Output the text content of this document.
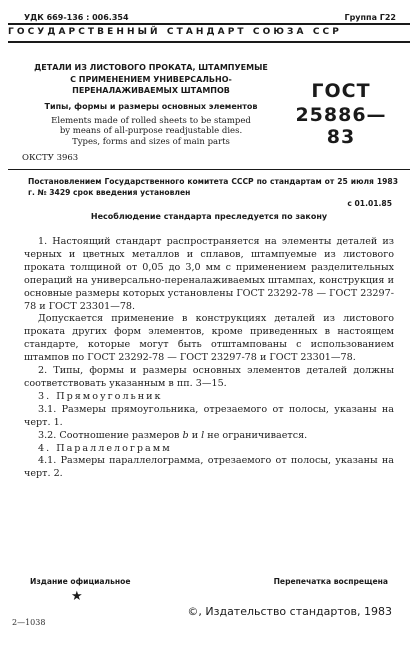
УДК 669-136 : 006.354	Группа Г22
ГОСУДАРСТВЕННЫЙ СТАНДАРТ СОЮЗА ССР
ДЕТАЛИ ИЗ ЛИСТОВОГО ПРОКАТА, ШТАМПУЕМЫЕ
С ПРИМЕНЕНИЕМ УНИВЕРСАЛЬНО-
ПЕРЕНАЛАЖИВАЕМЫХ ШТАМПОВ
Типы, формы и размеры основных элементов
Elements made of rolled sheets to be stamped
by means of all-purpose readjustable dies.
Types, forms and sizes of main parts
ГОСТ
25886—83
ОКСТУ 3963
Постановлением Государственного комитета СССР по стандартам от 25 июля 1983 г. № 3429 срок введения установлен
с 01.01.85
Несоблюдение стандарта преследуется по закону

1. Настоящий стандарт распространяется на элементы деталей из черных и цветных металлов и сплавов, штампуемые из листового проката толщиной от 0,05 до 3,0 мм с применением разделительных операций на универсально-переналаживаемых штампах, конструкция и основные размеры которых установлены ГОСТ 23292-78 — ГОСТ 23297-78 и ГОСТ 23301—78.

Допускается применение в конструкциях деталей из листового проката других форм элементов, кроме приведенных в настоящем стандарте, которые могут быть отштампованы с использованием штампов по ГОСТ 23292-78 — ГОСТ 23297-78 и ГОСТ 23301—78.

2. Типы, формы и размеры основных элементов деталей должны соответствовать указанным в пп. 3—15.

3. Прямоугольник

3.1. Размеры прямоугольника, отрезаемого от полосы, указаны на черт. 1.

3.2. Соотношение размеров b и l не ограничивается.

4. Параллелограмм

4.1. Размеры параллелограмма, отрезаемого от полосы, указаны на черт. 2.

Издание официальное	Перепечатка воспрещена
★
©, Издательство стандартов, 1983
2—1038
